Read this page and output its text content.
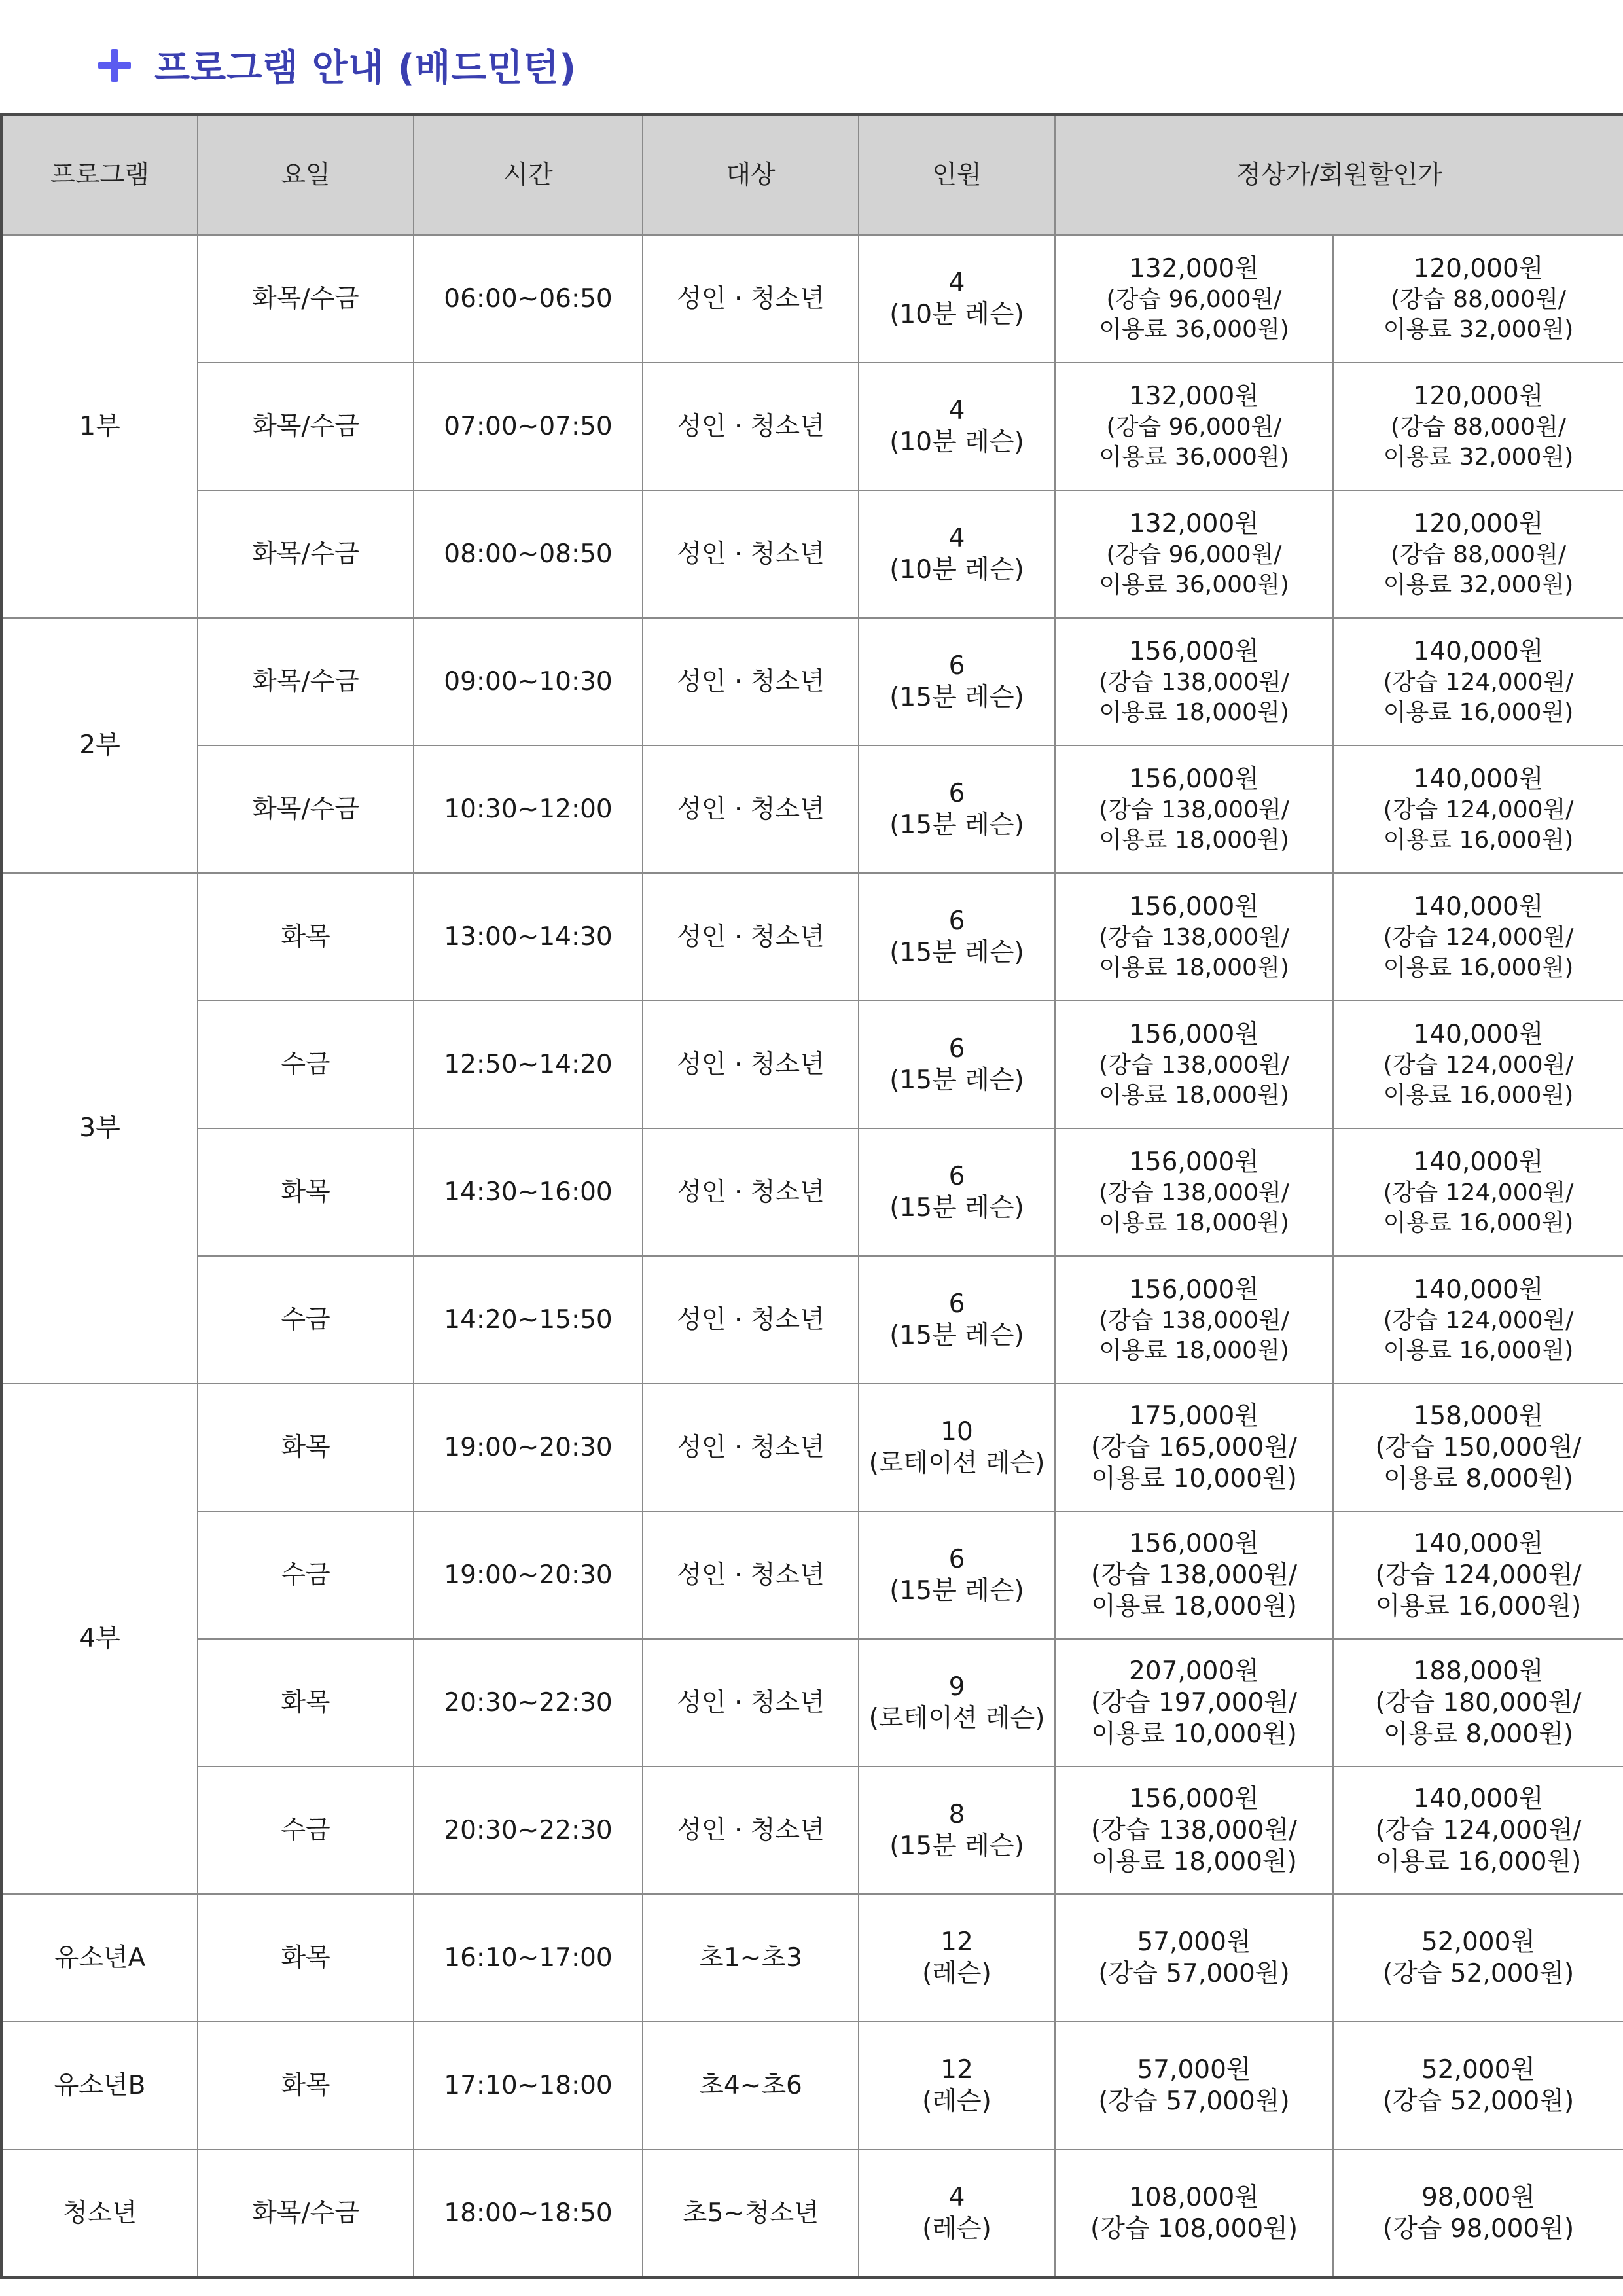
프로그램 안내 (배드민턴)
프로그램	요일	시간	대상	인원	정상가/회원할인가	
1부	화목/수금	06:00~06:50	성인 · 청소년	4
(10분 레슨)	132,000원
(강습 96,000원/
이용료 36,000원)	120,000원
(강습 88,000원/
이용료 32,000원)

	화목/수금	07:00~07:50	성인 · 청소년	4
(10분 레슨)	132,000원
(강습 96,000원/
이용료 36,000원)	120,000원
(강습 88,000원/
이용료 32,000원)

	화목/수금	08:00~08:50	성인 · 청소년	4
(10분 레슨)	132,000원
(강습 96,000원/
이용료 36,000원)	120,000원
(강습 88,000원/
이용료 32,000원)

2부	화목/수금	09:00~10:30	성인 · 청소년	6
(15분 레슨)	156,000원
(강습 138,000원/
이용료 18,000원)	140,000원
(강습 124,000원/
이용료 16,000원)

	화목/수금	10:30~12:00	성인 · 청소년	6
(15분 레슨)	156,000원
(강습 138,000원/
이용료 18,000원)	140,000원
(강습 124,000원/
이용료 16,000원)

3부	화목	13:00~14:30	성인 · 청소년	6
(15분 레슨)	156,000원
(강습 138,000원/
이용료 18,000원)	140,000원
(강습 124,000원/
이용료 16,000원)

	수금	12:50~14:20	성인 · 청소년	6
(15분 레슨)	156,000원
(강습 138,000원/
이용료 18,000원)	140,000원
(강습 124,000원/
이용료 16,000원)

	화목	14:30~16:00	성인 · 청소년	6
(15분 레슨)	156,000원
(강습 138,000원/
이용료 18,000원)	140,000원
(강습 124,000원/
이용료 16,000원)

	수금	14:20~15:50	성인 · 청소년	6
(15분 레슨)	156,000원
(강습 138,000원/
이용료 18,000원)	140,000원
(강습 124,000원/
이용료 16,000원)

4부	화목	19:00~20:30	성인 · 청소년	10
(로테이션 레슨)	175,000원
(강습 165,000원/
이용료 10,000원)	158,000원
(강습 150,000원/
이용료 8,000원)

	수금	19:00~20:30	성인 · 청소년	6
(15분 레슨)	156,000원
(강습 138,000원/
이용료 18,000원)	140,000원
(강습 124,000원/
이용료 16,000원)

	화목	20:30~22:30	성인 · 청소년	9
(로테이션 레슨)	207,000원
(강습 197,000원/
이용료 10,000원)	188,000원
(강습 180,000원/
이용료 8,000원)

	수금	20:30~22:30	성인 · 청소년	8
(15분 레슨)	156,000원
(강습 138,000원/
이용료 18,000원)	140,000원
(강습 124,000원/
이용료 16,000원)

유소년A	화목	16:10~17:00	초1~초3	12
(레슨)	57,000원
(강습 57,000원)	52,000원
(강습 52,000원)

유소년B	화목	17:10~18:00	초4~초6	12
(레슨)	57,000원
(강습 57,000원)	52,000원
(강습 52,000원)

청소년	화목/수금	18:00~18:50	초5~청소년	4
(레슨)	108,000원
(강습 108,000원)	98,000원
(강습 98,000원)
